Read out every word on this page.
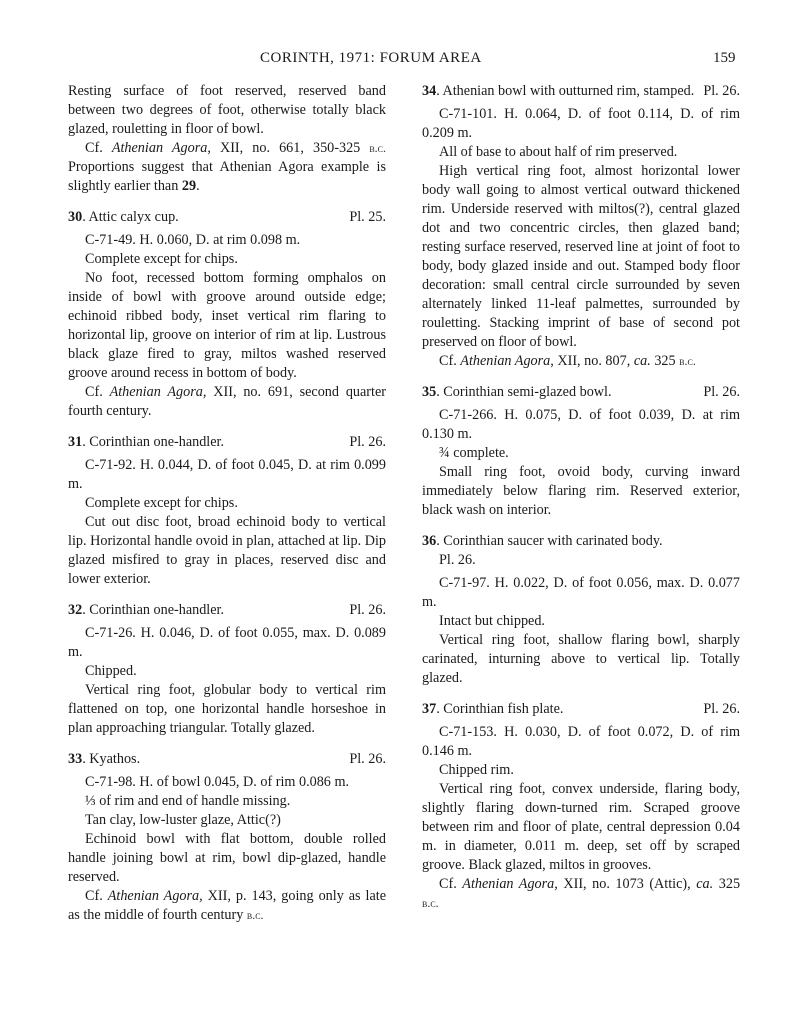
CORINTH, 1971: FORUM AREA	159

Resting surface of foot reserved, reserved band between two degrees of foot, otherwise totally black glazed, rouletting in floor of bowl.

Cf. Athenian Agora, XII, no. 661, 350-325 b.c. Proportions suggest that Athenian Agora example is slightly earlier than 29.

30. Attic calyx cup.	Pl. 25.

C-71-49. H. 0.060, D. at rim 0.098 m.

Complete except for chips.

No foot, recessed bottom forming omphalos on inside of bowl with groove around outside edge; echinoid ribbed body, inset vertical rim flaring to horizontal lip, groove on interior of rim at lip. Lustrous black glaze fired to gray, miltos washed reserved groove around recess in bottom of body.

Cf. Athenian Agora, XII, no. 691, second quarter fourth century.

31. Corinthian one-handler.	Pl. 26.

C-71-92. H. 0.044, D. of foot 0.045, D. at rim 0.099 m.

Complete except for chips.

Cut out disc foot, broad echinoid body to vertical lip. Horizontal handle ovoid in plan, attached at lip. Dip glazed misfired to gray in places, reserved disc and lower exterior.

32. Corinthian one-handler.	Pl. 26.

C-71-26. H. 0.046, D. of foot 0.055, max. D. 0.089 m.

Chipped.

Vertical ring foot, globular body to vertical rim flattened on top, one horizontal handle horseshoe in plan approaching triangular. Totally glazed.

33. Kyathos.	Pl. 26.

C-71-98. H. of bowl 0.045, D. of rim 0.086 m.

⅓ of rim and end of handle missing.

Tan clay, low-luster glaze, Attic(?)

Echinoid bowl with flat bottom, double rolled handle joining bowl at rim, bowl dip-glazed, handle reserved.

Cf. Athenian Agora, XII, p. 143, going only as late as the middle of fourth century b.c.

34. Athenian bowl with outturned rim, stamped. Pl. 26.

C-71-101. H. 0.064, D. of foot 0.114, D. of rim 0.209 m.

All of base to about half of rim preserved.

High vertical ring foot, almost horizontal lower body wall going to almost vertical outward thickened rim. Underside reserved with miltos(?), central glazed dot and two concentric circles, then glazed band; resting surface reserved, reserved line at joint of foot to body, body glazed inside and out. Stamped body floor decoration: small central circle surrounded by seven alternately linked 11-leaf palmettes, surrounded by rouletting. Stacking imprint of base of second pot preserved on floor of bowl.

Cf. Athenian Agora, XII, no. 807, ca. 325 b.c.

35. Corinthian semi-glazed bowl.	Pl. 26.

C-71-266. H. 0.075, D. of foot 0.039, D. at rim 0.130 m.

¾ complete.

Small ring foot, ovoid body, curving inward immediately below flaring rim. Reserved exterior, black wash on interior.

36. Corinthian saucer with carinated body.
Pl. 26.

C-71-97. H. 0.022, D. of foot 0.056, max. D. 0.077 m.

Intact but chipped.

Vertical ring foot, shallow flaring bowl, sharply carinated, inturning above to vertical lip. Totally glazed.

37. Corinthian fish plate.	Pl. 26.

C-71-153. H. 0.030, D. of foot 0.072, D. of rim 0.146 m.

Chipped rim.

Vertical ring foot, convex underside, flaring body, slightly flaring down-turned rim. Scraped groove between rim and floor of plate, central depression 0.04 m. in diameter, 0.011 m. deep, set off by scraped groove. Black glazed, miltos in grooves.

Cf. Athenian Agora, XII, no. 1073 (Attic), ca. 325 b.c.
